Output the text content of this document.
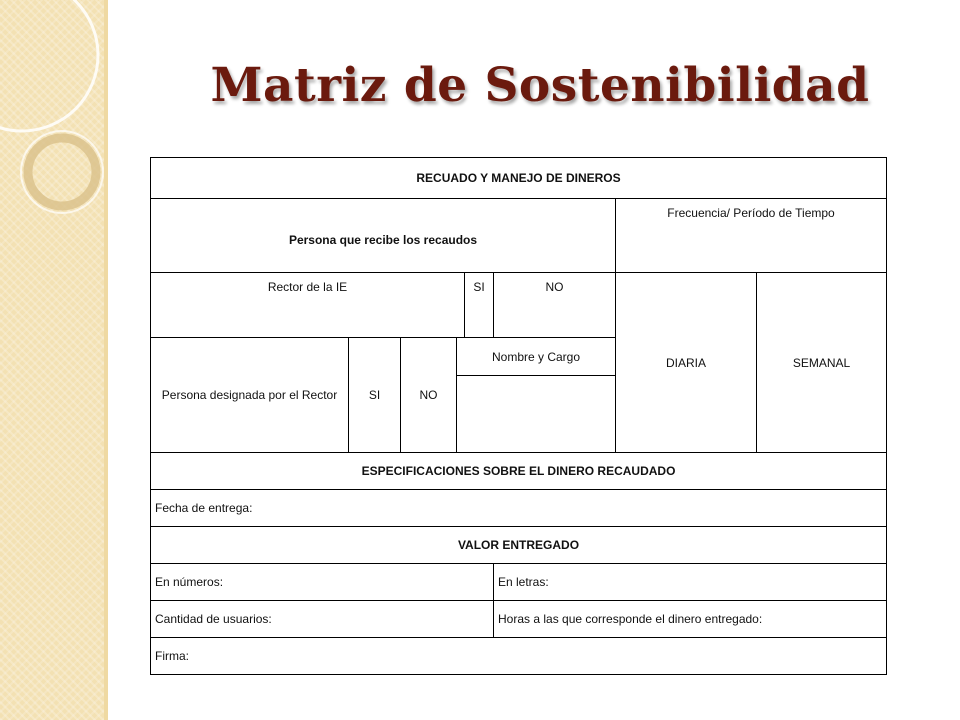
Matriz de Sostenibilidad
RECUADO Y MANEJO DE DINEROS							
Persona que recibe los recaudos						Frecuencia/ Período de Tiempo	
Rector de la IE				SI	NO	DIARIA	SEMANAL
Persona designada por el Rector	SI	NO	Nombre y Cargo				

ESPECIFICACIONES SOBRE EL DINERO RECAUDADO							
Fecha de entrega:							
VALOR ENTREGADO							
En números:					En letras:		
Cantidad de usuarios:					Horas a las que corresponde el dinero entregado:		
Firma:							
